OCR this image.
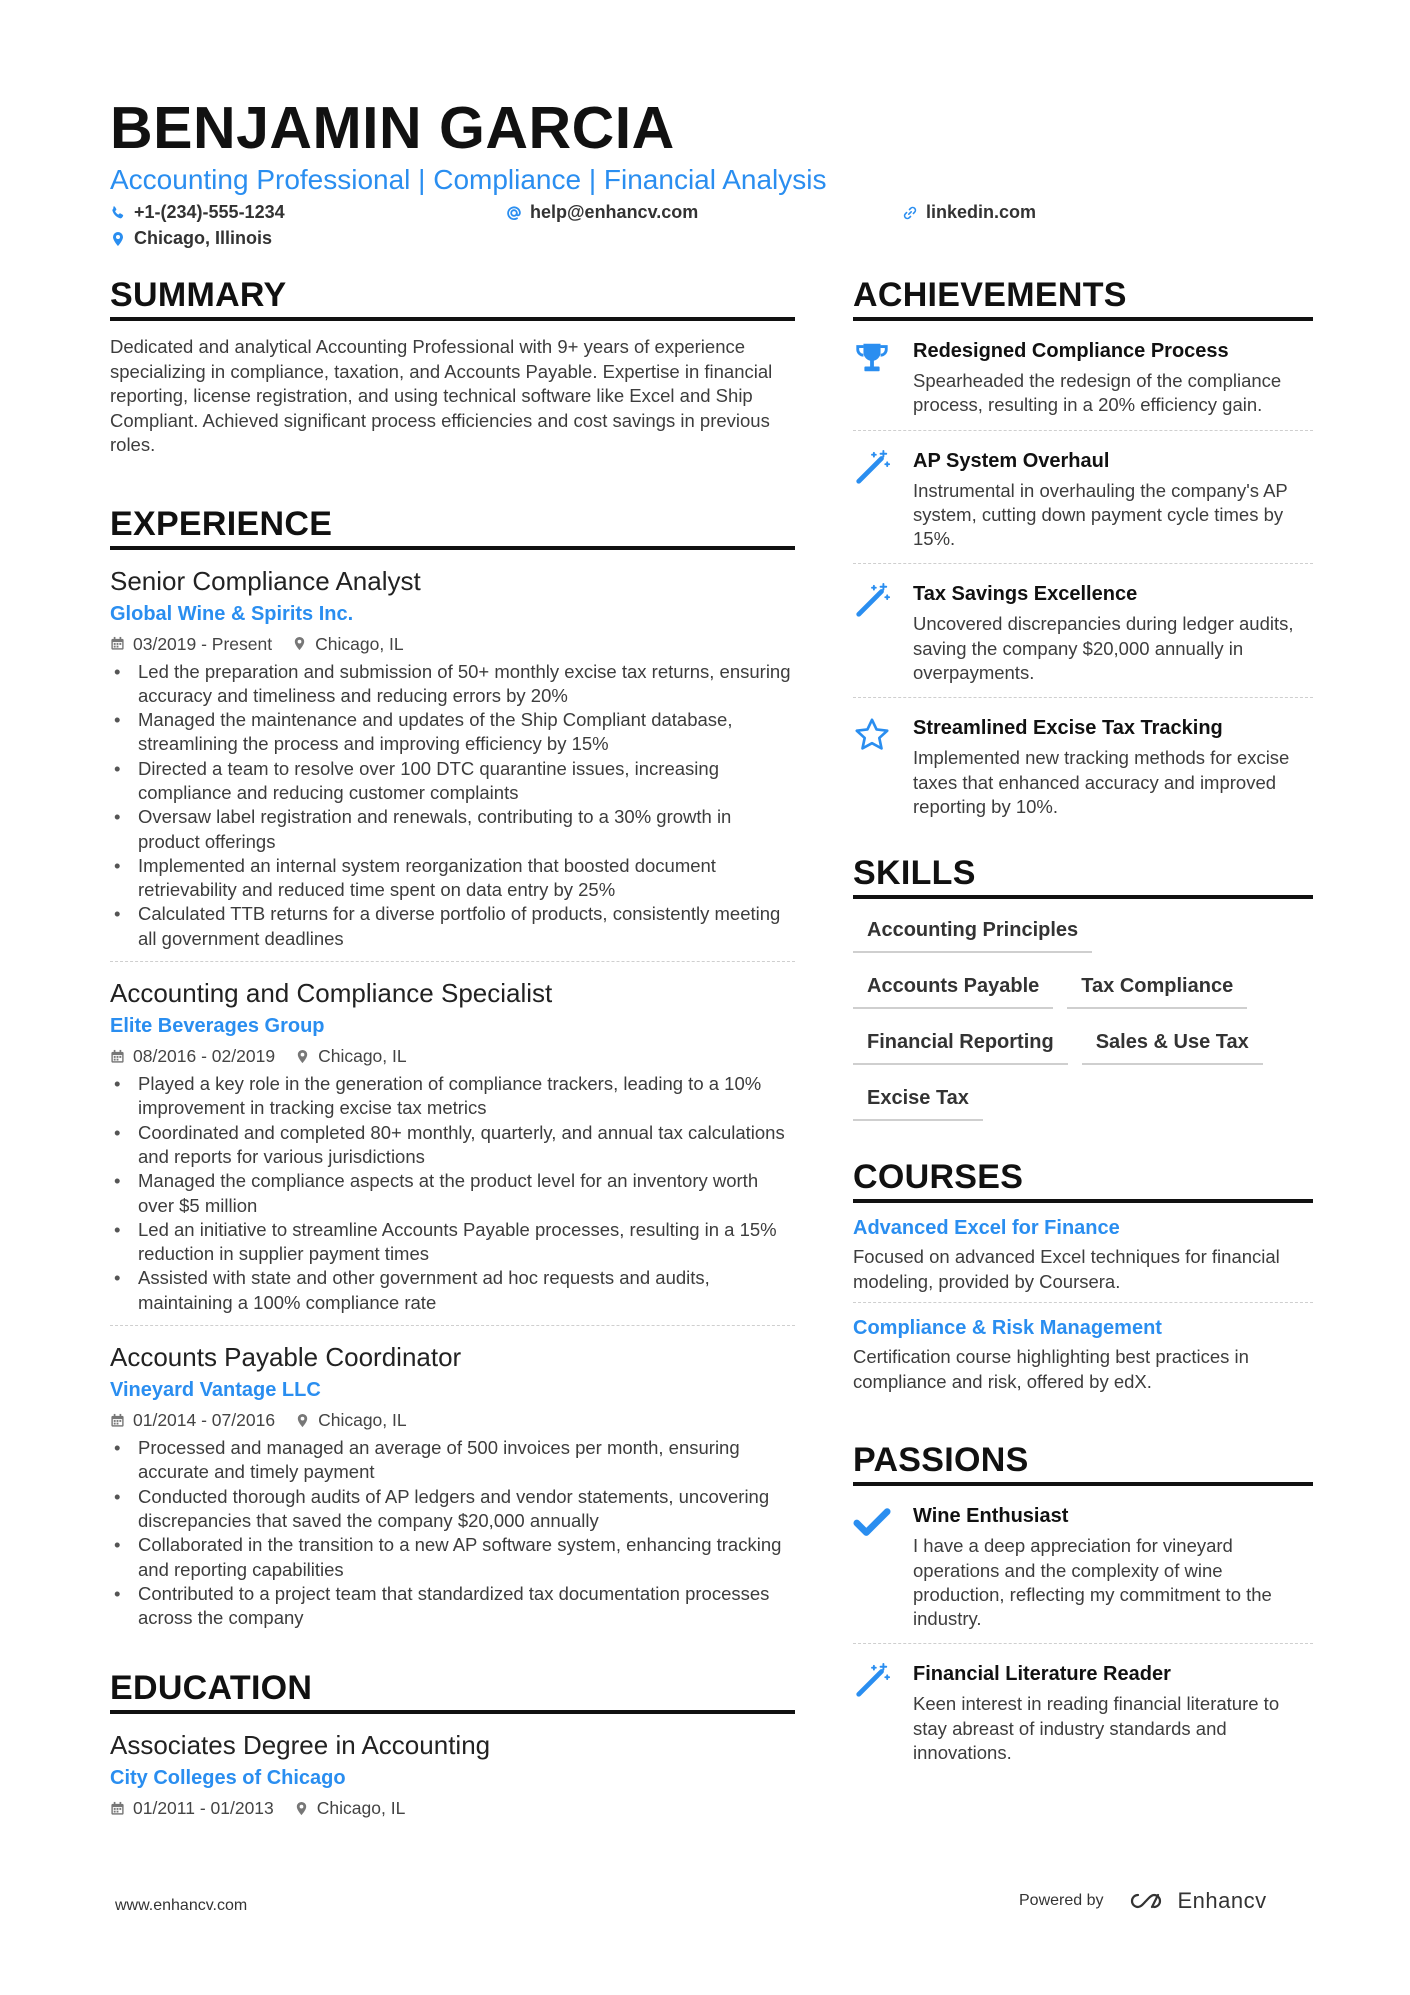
BENJAMIN GARCIA
Accounting Professional | Compliance | Financial Analysis
+1-(234)-555-1234	help@enhancv.com	linkedin.com
Chicago, Illinois
SUMMARY
Dedicated and analytical Accounting Professional with 9+ years of experience specializing in compliance, taxation, and Accounts Payable. Expertise in financial reporting, license registration, and using technical software like Excel and Ship Compliant. Achieved significant process efficiencies and cost savings in previous roles.
EXPERIENCE
Senior Compliance Analyst
Global Wine & Spirits Inc.
03/2019 - Present Chicago, IL
• Led the preparation and submission of 50+ monthly excise tax returns, ensuring accuracy and timeliness and reducing errors by 20%
• Managed the maintenance and updates of the Ship Compliant database, streamlining the process and improving efficiency by 15%
• Directed a team to resolve over 100 DTC quarantine issues, increasing compliance and reducing customer complaints
• Oversaw label registration and renewals, contributing to a 30% growth in product offerings
• Implemented an internal system reorganization that boosted document retrievability and reduced time spent on data entry by 25%
• Calculated TTB returns for a diverse portfolio of products, consistently meeting all government deadlines
Accounting and Compliance Specialist
Elite Beverages Group
08/2016 - 02/2019 Chicago, IL
• Played a key role in the generation of compliance trackers, leading to a 10% improvement in tracking excise tax metrics
• Coordinated and completed 80+ monthly, quarterly, and annual tax calculations and reports for various jurisdictions
• Managed the compliance aspects at the product level for an inventory worth over $5 million
• Led an initiative to streamline Accounts Payable processes, resulting in a 15% reduction in supplier payment times
• Assisted with state and other government ad hoc requests and audits, maintaining a 100% compliance rate
Accounts Payable Coordinator
Vineyard Vantage LLC
01/2014 - 07/2016 Chicago, IL
• Processed and managed an average of 500 invoices per month, ensuring accurate and timely payment
• Conducted thorough audits of AP ledgers and vendor statements, uncovering discrepancies that saved the company $20,000 annually
• Collaborated in the transition to a new AP software system, enhancing tracking and reporting capabilities
• Contributed to a project team that standardized tax documentation processes across the company
EDUCATION
Associates Degree in Accounting
City Colleges of Chicago
01/2011 - 01/2013 Chicago, IL
ACHIEVEMENTS
Redesigned Compliance Process
Spearheaded the redesign of the compliance process, resulting in a 20% efficiency gain.
AP System Overhaul
Instrumental in overhauling the company's AP system, cutting down payment cycle times by 15%.
Tax Savings Excellence
Uncovered discrepancies during ledger audits, saving the company $20,000 annually in overpayments.
Streamlined Excise Tax Tracking
Implemented new tracking methods for excise taxes that enhanced accuracy and improved reporting by 10%.
SKILLS
Accounting Principles
Accounts Payable	Tax Compliance
Financial Reporting	Sales & Use Tax
Excise Tax
COURSES
Advanced Excel for Finance
Focused on advanced Excel techniques for financial modeling, provided by Coursera.
Compliance & Risk Management
Certification course highlighting best practices in compliance and risk, offered by edX.
PASSIONS
Wine Enthusiast
I have a deep appreciation for vineyard operations and the complexity of wine production, reflecting my commitment to the industry.
Financial Literature Reader
Keen interest in reading financial literature to stay abreast of industry standards and innovations.
www.enhancv.com	Powered by	Enhancv
